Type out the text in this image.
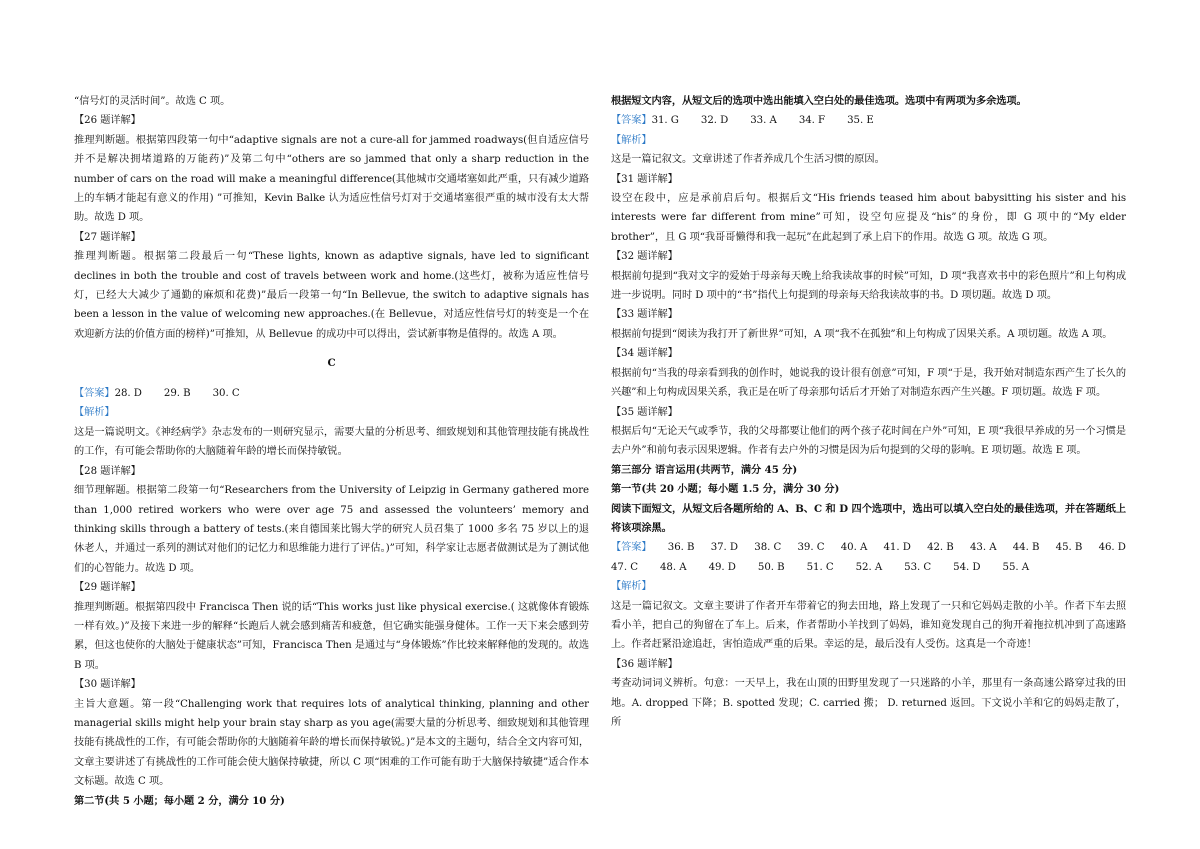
“信号灯的灵活时间”。故选 C 项。

【26 题详解】

推理判断题。根据第四段第一句中“adaptive signals are not a cure-all for jammed roadways(但自适应信号并不是解决拥堵道路的万能药)”及第二句中“others are so jammed that only a sharp reduction in the number of cars on the road will make a meaningful difference(其他城市交通堵塞如此严重，只有减少道路上的车辆才能起有意义的作用) ”可推知，Kevin Balke 认为适应性信号灯对于交通堵塞很严重的城市没有太大帮助。故选 D 项。

【27 题详解】

推理判断题。根据第二段最后一句“These lights, known as adaptive signals, have led to significant declines in both the trouble and cost of travels between work and home.(这些灯，被称为适应性信号灯，已经大大减少了通勤的麻烦和花费)”最后一段第一句“In Bellevue, the switch to adaptive signals has been a lesson in the value of welcoming new approaches.(在 Bellevue，对适应性信号灯的转变是一个在欢迎新方法的价值方面的榜样)”可推知，从 Bellevue 的成功中可以得出，尝试新事物是值得的。故选 A 项。

C

【答案】 28. D 29. B 30. C

【解析】

这是一篇说明文。《神经病学》杂志发布的一则研究显示，需要大量的分析思考、细致规划和其他管理技能有挑战性的工作，有可能会帮助你的大脑随着年龄的增长而保持敏锐。

【28 题详解】

细节理解题。根据第二段第一句“Researchers from the University of Leipzig in Germany gathered more than 1,000 retired workers who were over age 75 and assessed the volunteers’ memory and thinking skills through a battery of tests.(来自德国莱比锡大学的研究人员召集了 1000 多名 75 岁以上的退休老人，并通过一系列的测试对他们的记忆力和思维能力进行了评估。)”可知，科学家让志愿者做测试是为了测试他们的心智能力。故选 D 项。

【29 题详解】

推理判断题。根据第四段中 Francisca Then 说的话“This works just like physical exercise.( 这就像体育锻炼一样有效。)”及接下来进一步的解释“长跑后人就会感到痛苦和疲惫，但它确实能强身健体。工作一天下来会感到劳累，但这也使你的大脑处于健康状态”可知，Francisca Then 是通过与“身体锻炼”作比较来解释他的发现的。故选 B 项。

【30 题详解】

主旨大意题。第一段“Challenging work that requires lots of analytical thinking, planning and other managerial skills might help your brain stay sharp as you age(需要大量的分析思考、细致规划和其他管理技能有挑战性的工作，有可能会帮助你的大脑随着年龄的增长而保持敏锐。)”是本文的主题句，结合全文内容可知，文章主要讲述了有挑战性的工作可能会使大脑保持敏捷，所以 C 项“困难的工作可能有助于大脑保持敏捷”适合作本文标题。故选 C 项。

第二节(共 5 小题；每小题 2 分，满分 10 分)

根据短文内容，从短文后的选项中选出能填入空白处的最佳选项。选项中有两项为多余选项。

【答案】 31. G 32. D 33. A 34. F 35. E

【解析】

这是一篇记叙文。文章讲述了作者养成几个生活习惯的原因。

【31 题详解】

设空在段中，应是承前启后句。根据后文“His friends teased him about babysitting his sister and his interests were far different from mine”可知，设空句应提及“his”的身份，即 G 项中的“My elder brother”，且 G 项“我哥哥懒得和我一起玩”在此起到了承上启下的作用。故选 G 项。故选 G 项。

【32 题详解】

根据前句提到“我对文字的爱始于母亲每天晚上给我读故事的时候”可知，D 项“我喜欢书中的彩色照片”和上句构成进一步说明。同时 D 项中的“书”指代上句提到的母亲每天给我读故事的书。D 项切题。故选 D 项。

【33 题详解】

根据前句提到“阅读为我打开了新世界”可知，A 项“我不在孤独”和上句构成了因果关系。A 项切题。故选 A 项。

【34 题详解】

根据前句“当我的母亲看到我的创作时，她说我的设计很有创意”可知，F 项“于是，我开始对制造东西产生了长久的兴趣”和上句构成因果关系，我正是在听了母亲那句话后才开始了对制造东西产生兴趣。F 项切题。故选 F 项。

【35 题详解】

根据后句“无论天气或季节，我的父母都要让他们的两个孩子花时间在户外”可知，E 项“我很早养成的另一个习惯是去户外”和前句表示因果逻辑。作者有去户外的习惯是因为后句提到的父母的影响。E 项切题。故选 E 项。

第三部分 语言运用(共两节，满分 45 分)

第一节(共 20 小题；每小题 1.5 分，满分 30 分)

阅读下面短文，从短文后各题所给的 A、B、C 和 D 四个选项中，选出可以填入空白处的最佳选项，并在答题纸上将该项涂黑。

【答案】 36. B 37. D 38. C 39. C 40. A 41. D 42. B 43. A 44. B 45. B 46. D

47. C 48. A 49. D 50. B 51. C 52. A 53. C 54. D 55. A

【解析】

这是一篇记叙文。文章主要讲了作者开车带着它的狗去田地，路上发现了一只和它妈妈走散的小羊。作者下车去照看小羊，把自己的狗留在了车上。后来，作者帮助小羊找到了妈妈，谁知竟发现自己的狗开着拖拉机冲到了高速路上。作者赶紧沿途追赶，害怕造成严重的后果。幸运的是，最后没有人受伤。这真是一个奇迹！

【36 题详解】

考查动词词义辨析。句意：一天早上，我在山顶的田野里发现了一只迷路的小羊，那里有一条高速公路穿过我的田地。A. dropped 下降；B. spotted 发现；C. carried 搬； D. returned 返回。下文说小羊和它的妈妈走散了，所
